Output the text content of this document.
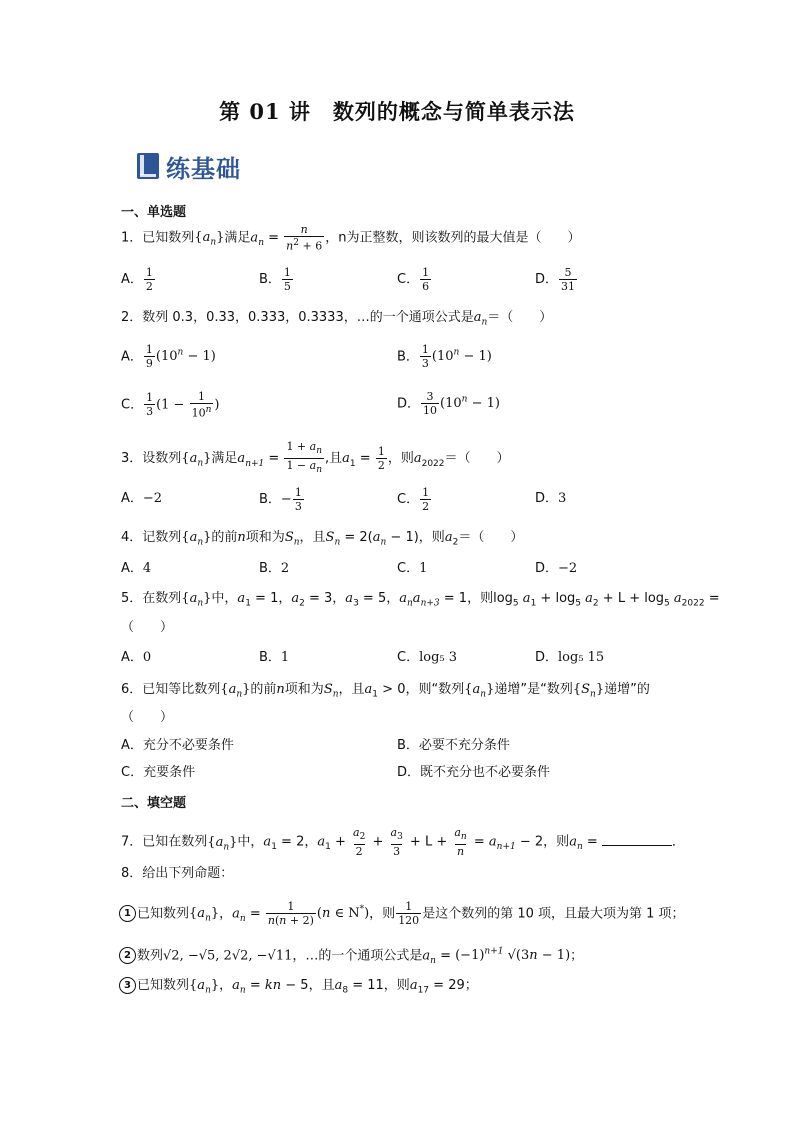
第 01 讲　数列的概念与简单表示法
练基础
一、单选题
1．已知数列$\{a_n\}$满足$a_n = \frac{n}{n^2 + 6}$ ，n为正整数，则该数列的最大值是（　　）
A． $\frac{1}{2}$	B． $\frac{1}{5}$	C． $\frac{1}{6}$	D． $\frac{5}{31}$
2．数列 0.3，0.33，0.333，0.3333，…的一个通项公式是$a_n=$（　　）
A． $\frac{1}{9} (10^n - 1)$	B． $\frac{1}{3} (10^n - 1)$
C． $\frac{1}{3} (1 - \frac{1}{10^n}$ )	D． $\frac{3}{10} (10^n - 1)$
3．设数列$\{a_n\}$满足$a_{n+1} = \frac{1 + a_n}{1 - a_n}$ ,且$a_1 = \frac{1}{2}$ ，则$a_{2022}=$（　　）
A．−2	B．− $\frac{1}{3}$	C． $\frac{1}{2}$	D．3
4．记数列$\{a_n\}$的前n项和为$S_n$，且$S_n = 2(a_n - 1)$，则$a_2=$（　　）
A．4	B．2	C．1	D．−2
5．在数列$\{a_n\}$中，$a_1 = 1$，$a_2 = 3$，$a_3 = 5$，$a_na_{n+3} = 1$，则$\log_5 a_1 + \log_5 a_2 + L + \log_5 a_{2022}$ =
（　　）
A．0	B．1	C．log₅ 3	D．log₅ 15
6．已知等比数列$\{a_n\}$的前n项和为$S_n$，且$a_1 > 0$，则“数列$\{a_n\}$递增”是“数列$\{S_n\}$递增”的
（　　）
A．充分不必要条件	B．必要不充分条件
C．充要条件	D．既不充分也不必要条件
二、填空题
7．已知在数列$\{a_n\}$中，$a_1 = 2$，$a_1 + \frac{a_2}{2} + \frac{a_3}{3} + L + \frac{a_n}{n} = a_{n+1} - 2$，则$a_n$ =	．
8．给出下列命题：
1 已知数列$\{a_n\}$，$a_n = \frac{1}{n(n + 2)} (n$ ∈ N*)，则 $\frac{1}{120}$ 是这个数列的第 10 项，且最大项为第 1 项；
2 数列√2, −√5, 2√2, −√11，…的一个通项公式是$a_n = (-1)^{n+1}$ √(3n − 1)；
3 已知数列$\{a_n\}$，$a_n$ = kn − 5，且$a_8 = 11$，则$a_{17} = 29$；
